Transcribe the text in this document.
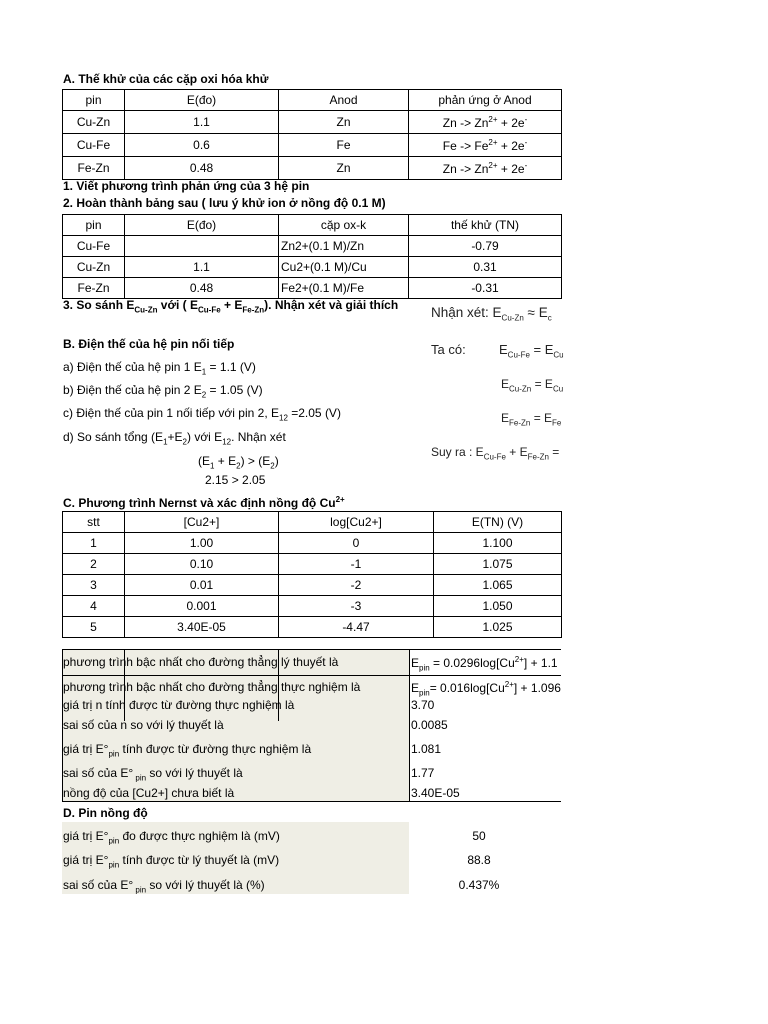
A. Thế khử của các cặp oxi hóa khử
pin	E(đo)	Anod	phản ứng ở Anod
Cu-Zn	1.1	Zn	$Zn -> Zn^{2+} + 2e^-$
Cu-Fe	0.6	Fe	$Fe -> Fe^{2+} + 2e^-$
Fe-Zn	0.48	Zn	$Zn -> Zn^{2+} + 2e^-$
1. Viết phương trình phản ứng của 3 hệ pin
2. Hoàn thành bảng sau ( lưu ý khử ion ở nồng độ 0.1 M)
pin	E(đo)	cặp ox-k	thế khử (TN)
Cu-Fe		Zn2+(0.1 M)/Zn	-0.79
Cu-Zn	1.1	Cu2+(0.1 M)/Cu	0.31
Fe-Zn	0.48	Fe2+(0.1 M)/Fe	-0.31
3. So sánh $E_{Cu-Zn}$ với ( $E_{Cu-Fe} + E_{Fe-Zn}$). Nhận xét và giải thích Nhận xét: $E_{Cu-Zn} \approx E_c$
B. Điện thế của hệ pin nối tiếp
a) Điện thế của hệ pin 1 $E_1 = 1.1$ (V)
b) Điện thế của hệ pin 2 $E_2 = 1.05$ (V)
c) Điện thế của pin 1 nối tiếp với pin 2, $E_{12} =2.05$ (V)
d) So sánh tổng $(E_1+E_2)$ với $E_{12}$. Nhận xét
$(E_1 + E_2) > (E_2)$
2.15 > 2.05
Ta có:	$E_{Cu-Fe} = E_{Cu}$
$E_{Cu-Zn} = E_{Cu}$
$E_{Fe-Zn} = E_{Fe}$
Suy ra : $E_{Cu-Fe} + E_{Fe-Zn}$ =
C. Phương trình Nernst và xác định nồng độ $Cu^{2+}$
stt	[Cu2+]	log[Cu2+]	E(TN) (V)
1	1.00	0	1.100
2	0.10	-1	1.075
3	0.01	-2	1.065
4	0.001	-3	1.050
5	3.40E-05	-4.47	1.025
phương trình bậc nhất cho đường thẳng lý thuyết là	$E_{pin} = 0.0296\log[Cu^{2+}] + 1.1$
phương trình bậc nhất cho đường thẳng thực nghiệm là	$E_{pin}= 0.016\log[Cu^{2+}] + 1.096$
giá trị n tính được từ đường thực nghiệm là	3.70
sai số của n so với lý thuyết là	0.0085
giá trị $E^\circ_{pin}$ tính được từ đường thực nghiệm là	1.081
sai số của E° $_{pin}$ so với lý thuyết là	1.77
nồng độ của [Cu2+] chưa biết là	3.40E-05
D. Pin nồng độ
giá trị $E^\circ_{pin}$ đo được thực nghiệm là (mV)	50
giá trị $E^\circ_{pin}$ tính được từ lý thuyết là (mV)	88.8
sai số của E° $_{pin}$ so với lý thuyết là (%)	0.437%
